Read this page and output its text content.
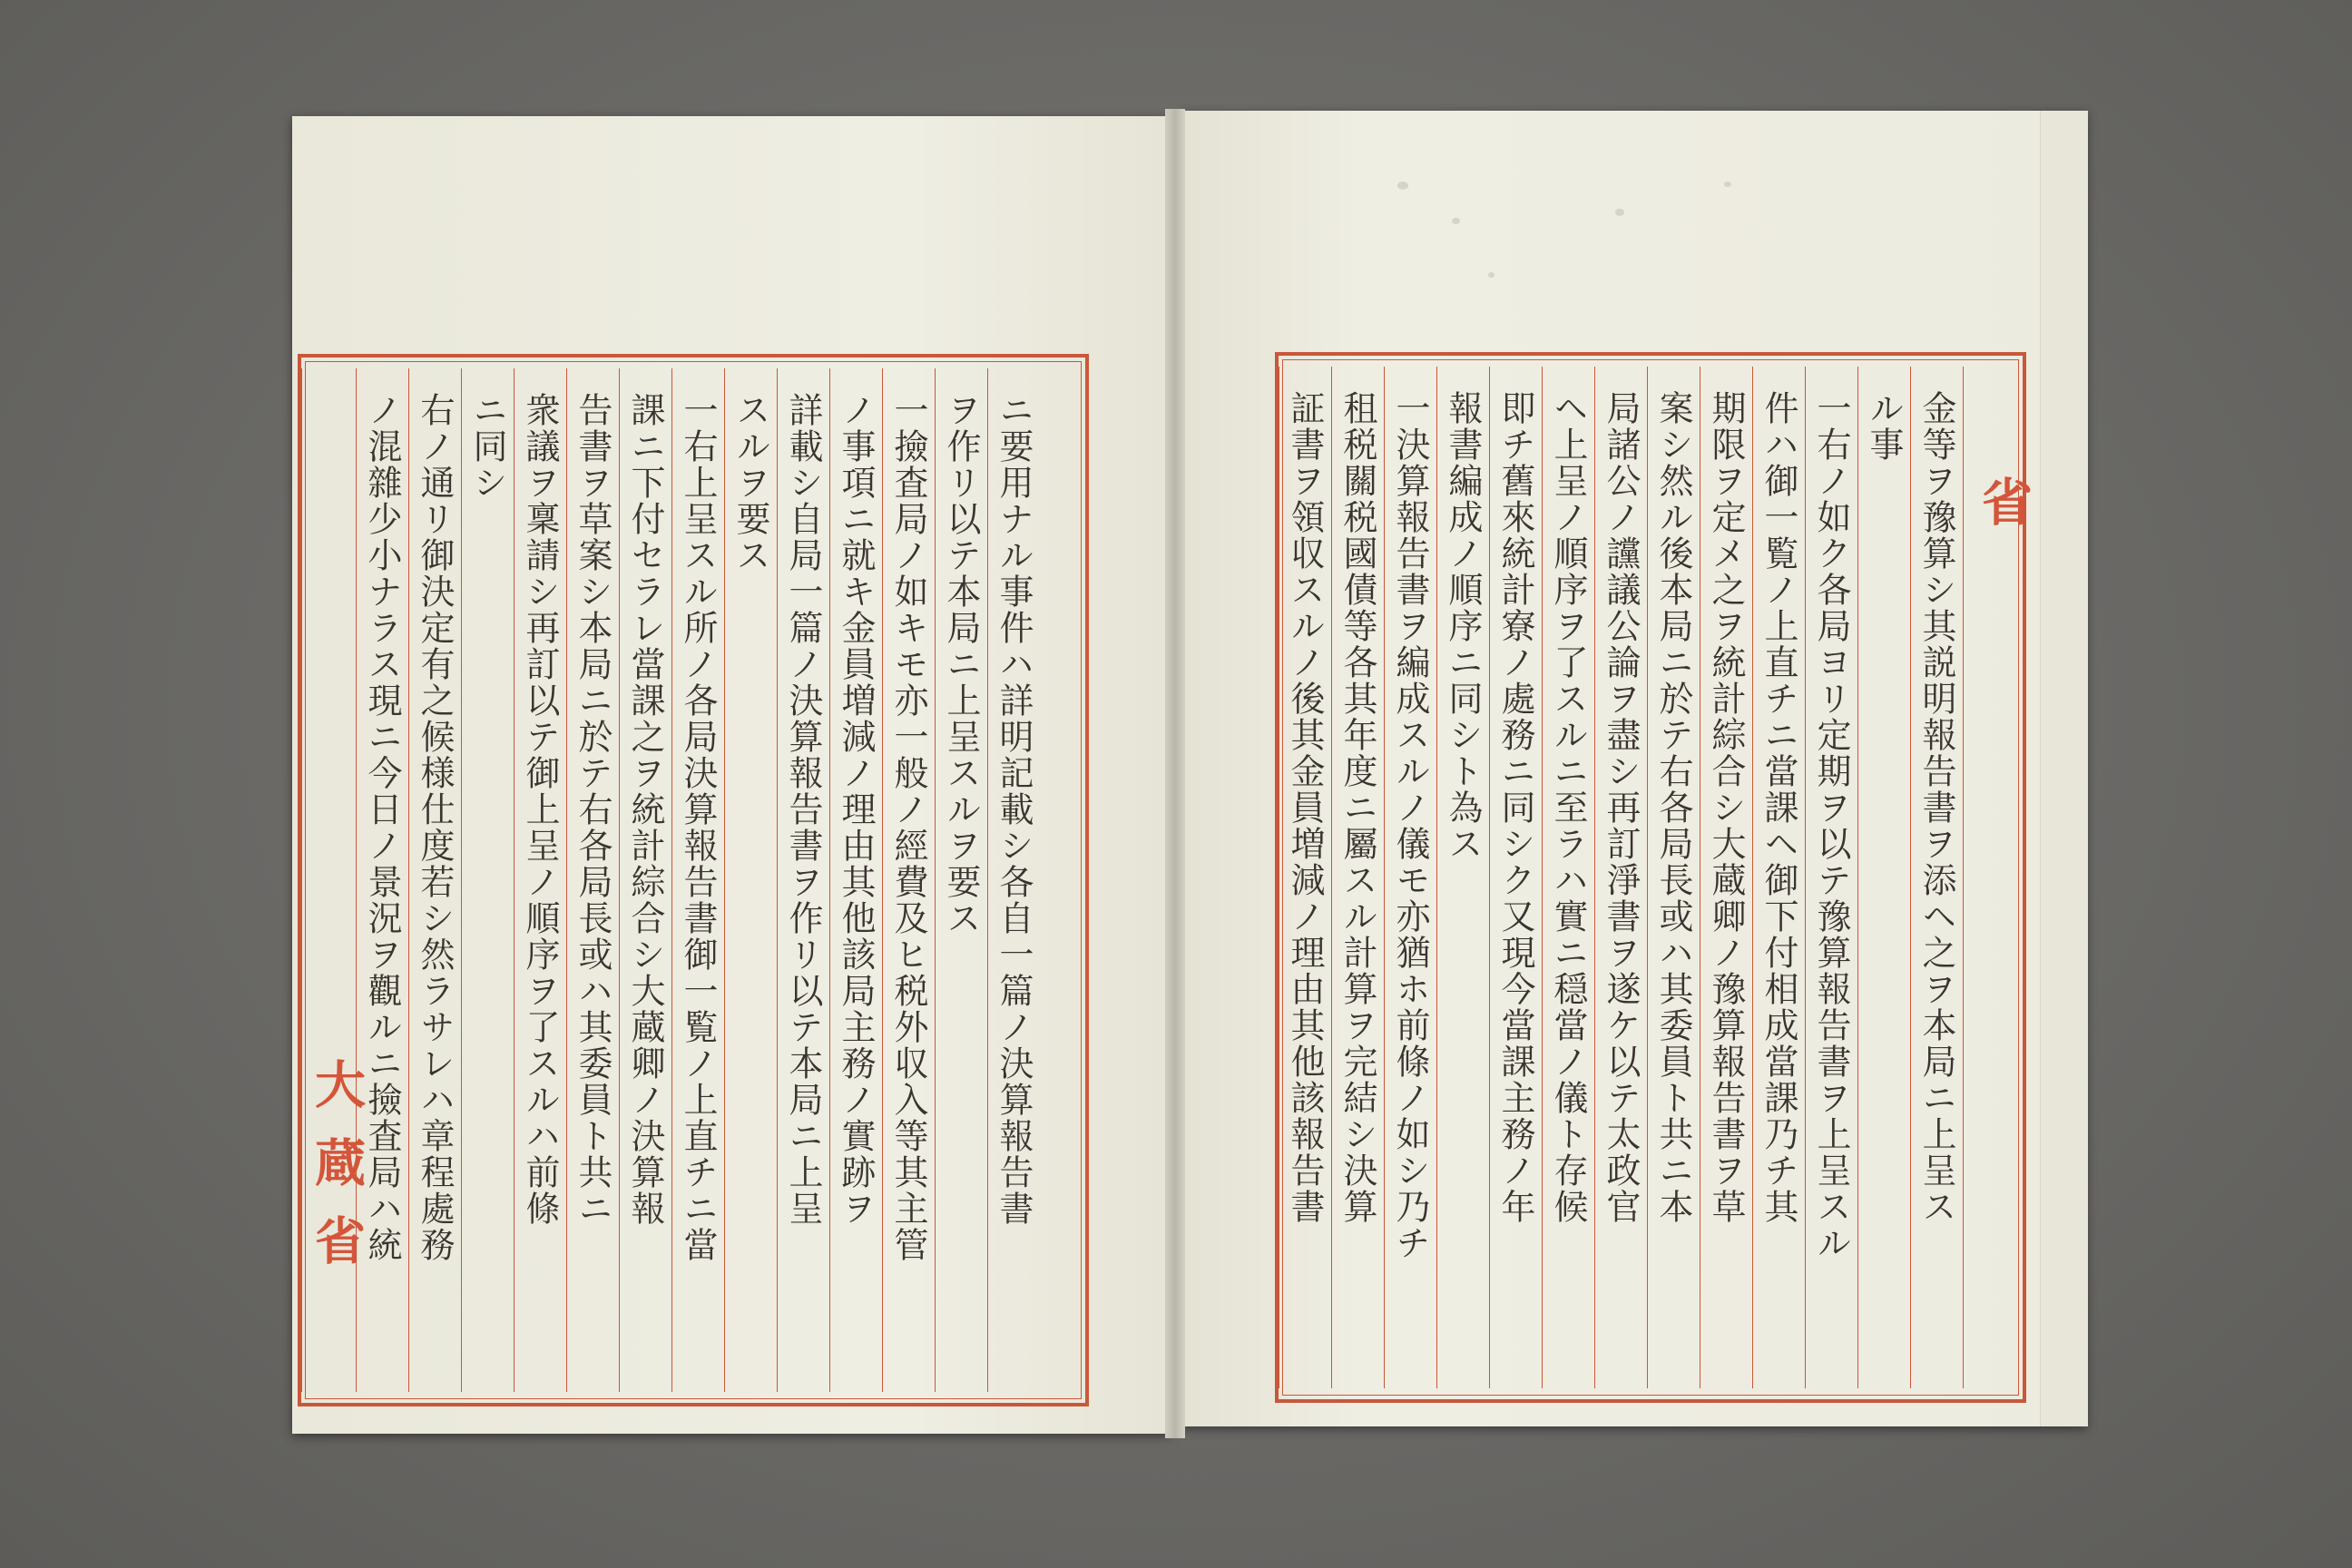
大蔵省
ノ混雜少小ナラス現ニ今日ノ景況ヲ觀ルニ撿査局ハ統 右ノ通リ御決定有之候様仕度若シ然ラサレハ章程處務 ニ同シ 衆議ヲ稟請シ再訂以テ御上呈ノ順序ヲ了スルハ前條 告書ヲ草案シ本局ニ於テ右各局長或ハ其委員ト共ニ 課ニ下付セラレ當課之ヲ統計綜合シ大蔵卿ノ決算報 一右上呈スル所ノ各局決算報告書御一覧ノ上直チニ當 スルヲ要ス 詳載シ自局一篇ノ決算報告書ヲ作リ以テ本局ニ上呈 ノ事項ニ就キ金員増減ノ理由其他該局主務ノ實跡ヲ 一撿査局ノ如キモ亦一般ノ經費及ヒ税外収入等其主管 ヲ作リ以テ本局ニ上呈スルヲ要ス ニ要用ナル事件ハ詳明記載シ各自一篇ノ決算報告書	証書ヲ領収スルノ後其金員増減ノ理由其他該報告書 租税關税國債等各其年度ニ屬スル計算ヲ完結シ決算 一決算報告書ヲ編成スルノ儀モ亦猶ホ前條ノ如シ乃チ 報書編成ノ順序ニ同シト為ス 即チ舊來統計寮ノ處務ニ同シク又現今當課主務ノ年 ヘ上呈ノ順序ヲ了スルニ至ラハ實ニ穏當ノ儀ト存候 局諸公ノ讜議公論ヲ盡シ再訂淨書ヲ遂ケ以テ太政官 案シ然ル後本局ニ於テ右各局長或ハ其委員ト共ニ本 期限ヲ定メ之ヲ統計綜合シ大蔵卿ノ豫算報告書ヲ草 件ハ御一覧ノ上直チニ當課ヘ御下付相成當課乃チ其 一右ノ如ク各局ヨリ定期ヲ以テ豫算報告書ヲ上呈スル ル事 金等ヲ豫算シ其説明報告書ヲ添ヘ之ヲ本局ニ上呈ス 省
